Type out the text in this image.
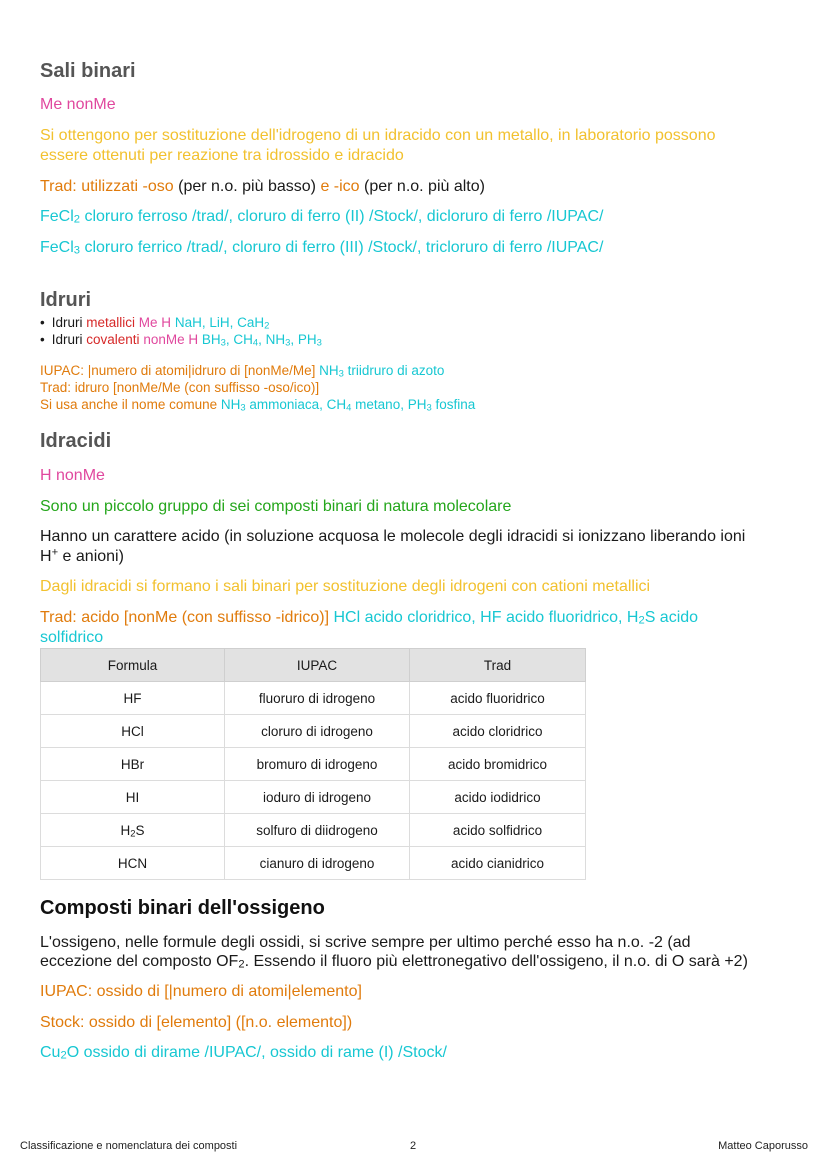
Sali binari
Me nonMe
Si ottengono per sostituzione dell'idrogeno di un idracido con un metallo, in laboratorio possono
essere ottenuti per reazione tra idrossido e idracido
Trad: utilizzati -oso (per n.o. più basso) e -ico (per n.o. più alto)
FeCl$_2$ cloruro ferroso /trad/, cloruro di ferro (II) /Stock/, dicloruro di ferro /IUPAC/
FeCl$_3$ cloruro ferrico /trad/, cloruro di ferro (III) /Stock/, tricloruro di ferro /IUPAC/
Idruri
• Idruri metallici Me H NaH, LiH, CaH$_2$
• Idruri covalenti nonMe H $BH_3$, $CH_4$, $NH_3$, $PH_3$
IUPAC: |numero di atomi|idruro di [nonMe/Me] $NH_3$ triidruro di azoto
Trad: idruro [nonMe/Me (con suffisso -oso/ico)]
Si usa anche il nome comune $NH_3$ ammoniaca, $CH_4$ metano, $PH_3$ fosfina
Idracidi
H nonMe
Sono un piccolo gruppo di sei composti binari di natura molecolare
Hanno un carattere acido (in soluzione acquosa le molecole degli idracidi si ionizzano liberando ioni
H+ e anioni)
Dagli idracidi si formano i sali binari per sostituzione degli idrogeni con cationi metallici
Trad: acido [nonMe (con suffisso -idrico)] HCl acido cloridrico, HF acido fluoridrico, $H_2S$ acido
solfidrico
Formula	IUPAC	Trad
HF	fluoruro di idrogeno	acido fluoridrico
HCl	cloruro di idrogeno	acido cloridrico
HBr	bromuro di idrogeno	acido bromidrico
HI	ioduro di idrogeno	acido iodidrico
$H_2S$	solfuro di diidrogeno	acido solfidrico
HCN	cianuro di idrogeno	acido cianidrico
Composti binari dell'ossigeno
L'ossigeno, nelle formule degli ossidi, si scrive sempre per ultimo perché esso ha n.o. -2 (ad
eccezione del composto $OF_2$. Essendo il fluoro più elettronegativo dell'ossigeno, il n.o. di O sarà +2)
IUPAC: ossido di [|numero di atomi|elemento]
Stock: ossido di [elemento] ([n.o. elemento])
$Cu_2O$ ossido di dirame /IUPAC/, ossido di rame (I) /Stock/
Classificazione e nomenclatura dei composti	2	Matteo Caporusso
